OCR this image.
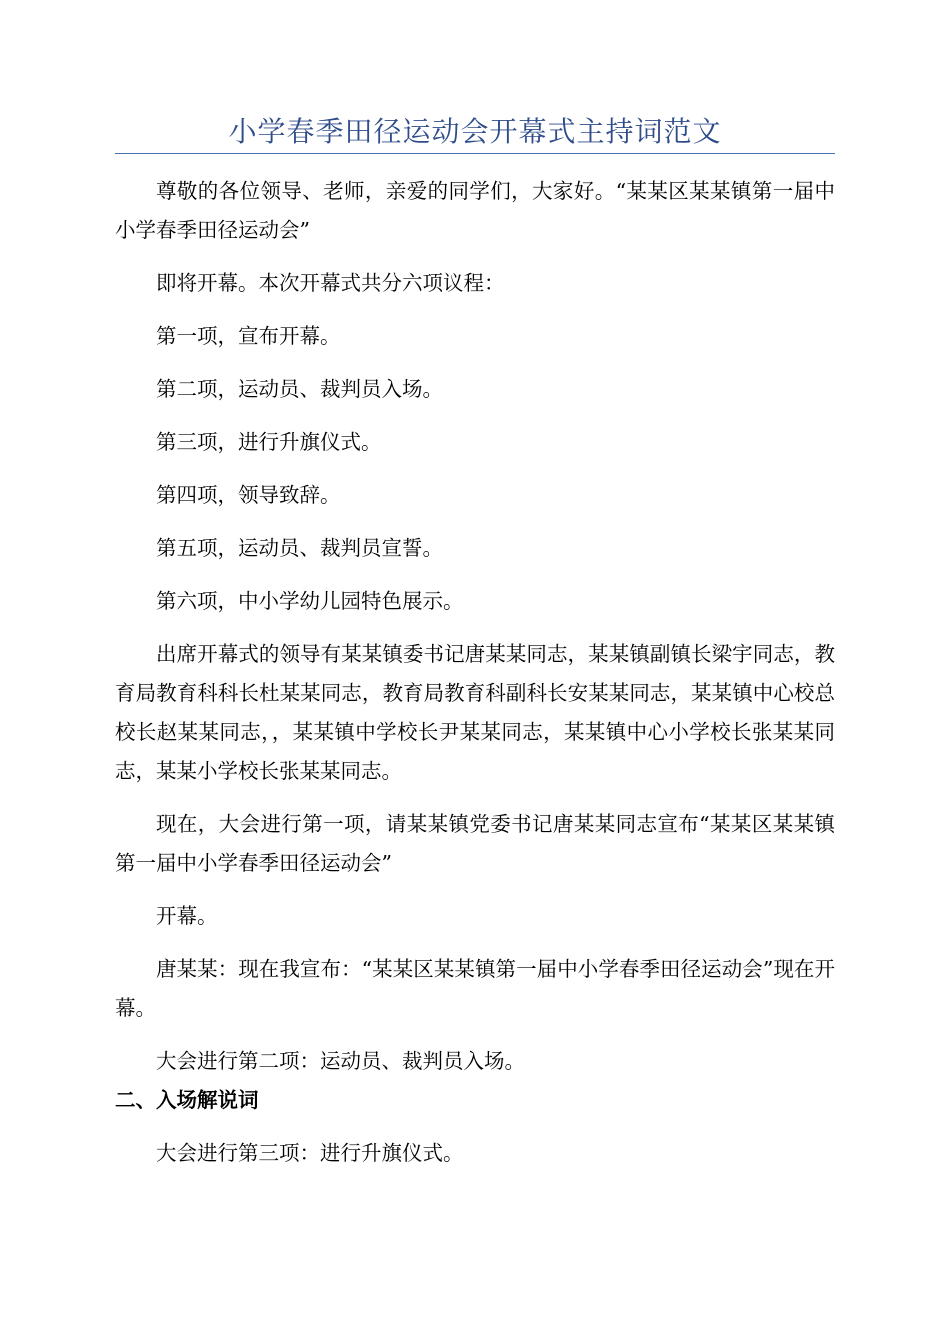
小学春季田径运动会开幕式主持词范文

尊敬的各位领导、老师，亲爱的同学们，大家好。“某某区某某镇第一届中小学春季田径运动会”

即将开幕。本次开幕式共分六项议程：

第一项，宣布开幕。

第二项，运动员、裁判员入场。

第三项，进行升旗仪式。

第四项，领导致辞。

第五项，运动员、裁判员宣誓。

第六项，中小学幼儿园特色展示。

出席开幕式的领导有某某镇委书记唐某某同志，某某镇副镇长梁宇同志，教育局教育科科长杜某某同志，教育局教育科副科长安某某同志，某某镇中心校总校长赵某某同志，，某某镇中学校长尹某某同志，某某镇中心小学校长张某某同志，某某小学校长张某某同志。

现在，大会进行第一项，请某某镇党委书记唐某某同志宣布“某某区某某镇第一届中小学春季田径运动会”

开幕。

唐某某：现在我宣布：“某某区某某镇第一届中小学春季田径运动会”现在开幕。

大会进行第二项：运动员、裁判员入场。

二、入场解说词

大会进行第三项：进行升旗仪式。
